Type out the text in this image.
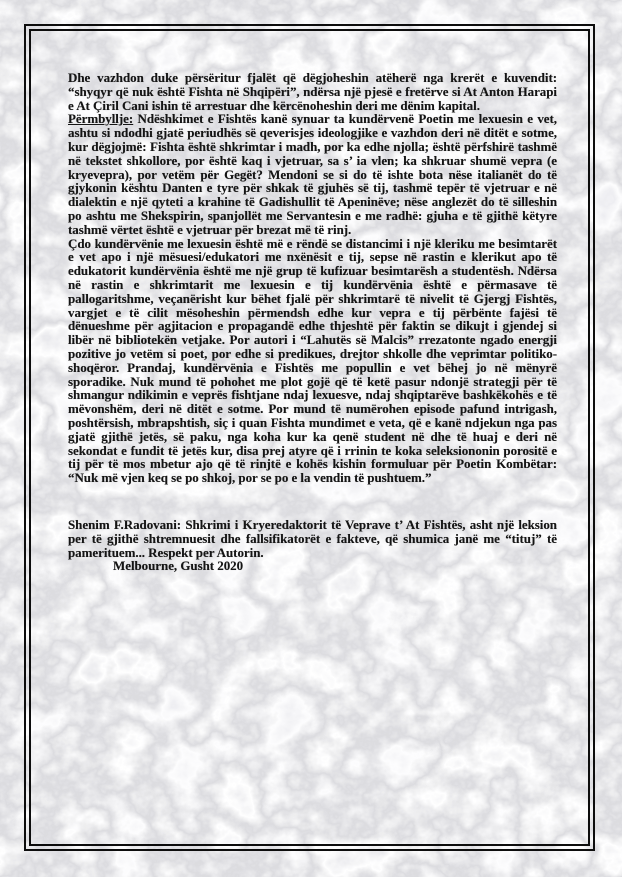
Dhe vazhdon duke përsëritur fjalët që dëgjoheshin atëherë nga krerët e kuvendit: “shyqyr që nuk është Fishta në Shqipëri”, ndërsa një pjesë e fretërve si At Anton Harapi e At Çiril Cani ishin të arrestuar dhe kërcënoheshin deri me dënim kapital.

Përmbyllje: Ndëshkimet e Fishtës kanë synuar ta kundërvenë Poetin me lexuesin e vet, ashtu si ndodhi gjatë periudhës së qeverisjes ideologjike e vazhdon deri në ditët e sotme, kur dëgjojmë: Fishta është shkrimtar i madh, por ka edhe njolla; është përfshirë tashmë në tekstet shkollore, por është kaq i vjetruar, sa s’ ia vlen; ka shkruar shumë vepra (e kryevepra), por vetëm për Gegët? Mendoni se si do të ishte bota nëse italianët do të gjykonin kështu Danten e tyre për shkak të gjuhës së tij, tashmë tepër të vjetruar e në dialektin e një qyteti a krahine të Gadishullit të Apeninëve; nëse anglezët do të silleshin po ashtu me Shekspirin, spanjollët me Servantesin e me radhë: gjuha e të gjithë këtyre tashmë vërtet është e vjetruar për brezat më të rinj.

Çdo kundërvënie me lexuesin është më e rëndë se distancimi i një kleriku me besimtarët e vet apo i një mësuesi/edukatori me nxënësit e tij, sepse në rastin e klerikut apo të edukatorit kundërvënia është me një grup të kufizuar besimtarësh a studentësh. Ndërsa në rastin e shkrimtarit me lexuesin e tij kundërvënia është e përmasave të pallogaritshme, veçanërisht kur bëhet fjalë për shkrimtarë të nivelit të Gjergj Fishtës, vargjet e të cilit mësoheshin përmendsh edhe kur vepra e tij përbënte fajësi të dënueshme për agjitacion e propagandë edhe thjeshtë për faktin se dikujt i gjendej si libër në bibliotekën vetjake. Por autori i “Lahutës së Malcis” rrezatonte ngado energji pozitive jo vetëm si poet, por edhe si predikues, drejtor shkolle dhe veprimtar politiko-shoqëror. Prandaj, kundërvënia e Fishtës me popullin e vet bëhej jo në mënyrë sporadike. Nuk mund të pohohet me plot gojë që të ketë pasur ndonjë strategji për të shmangur ndikimin e veprës fishtjane ndaj lexuesve, ndaj shqiptarëve bashkëkohës e të mëvonshëm, deri në ditët e sotme. Por mund të numërohen episode pafund intrigash, poshtërsish, mbrapshtish, siç i quan Fishta mundimet e veta, që e kanë ndjekun nga pas gjatë gjithë jetës, së paku, nga koha kur ka qenë student në dhe të huaj e deri në sekondat e fundit të jetës kur, disa prej atyre që i rrinin te koka seleksiononin porositë e tij për të mos mbetur ajo që të rinjtë e kohës kishin formuluar për Poetin Kombëtar: “Nuk më vjen keq se po shkoj, por se po e la vendin të pushtuem.”

Shenim F.Radovani: Shkrimi i Kryeredaktorit të Veprave t’ At Fishtës, asht një leksion per të gjithë shtremnuesit dhe fallsifikatorët e fakteve, që shumica janë me “tituj” të pamerituem... Respekt per Autorin.

Melbourne, Gusht 2020
